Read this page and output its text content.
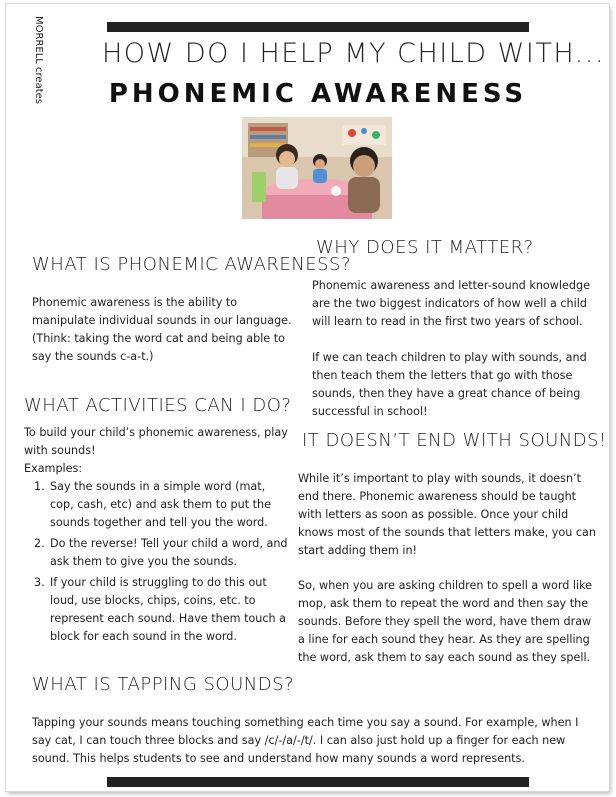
MORRELL creates HOW DO I HELP MY CHILD WITH...
PHONEMIC AWARENESS
WHAT IS PHONEMIC AWARENESS?
Phonemic awareness is the ability to manipulate individual sounds in our language. (Think: taking the word cat and being able to say the sounds c-a-t.)
WHAT ACTIVITIES CAN I DO?
To build your child’s phonemic awareness, play with sounds!
Examples:
1. Say the sounds in a simple word (mat, cop, cash, etc) and ask them to put the sounds together and tell you the word.
2. Do the reverse! Tell your child a word, and ask them to give you the sounds.
3. If your child is struggling to do this out loud, use blocks, chips, coins, etc. to represent each sound. Have them touch a block for each sound in the word.
WHY DOES IT MATTER?
Phonemic awareness and letter-sound knowledge are the two biggest indicators of how well a child will learn to read in the first two years of school.
If we can teach children to play with sounds, and then teach them the letters that go with those sounds, then they have a great chance of being successful in school!
IT DOESN’T END WITH SOUNDS!
While it’s important to play with sounds, it doesn’t end there. Phonemic awareness should be taught with letters as soon as possible. Once your child knows most of the sounds that letters make, you can start adding them in!
So, when you are asking children to spell a word like mop, ask them to repeat the word and then say the sounds. Before they spell the word, have them draw a line for each sound they hear. As they are spelling the word, ask them to say each sound as they spell.
WHAT IS TAPPING SOUNDS?
Tapping your sounds means touching something each time you say a sound. For example, when I say cat, I can touch three blocks and say /c/-/a/-/t/. I can also just hold up a finger for each new sound. This helps students to see and understand how many sounds a word represents.
